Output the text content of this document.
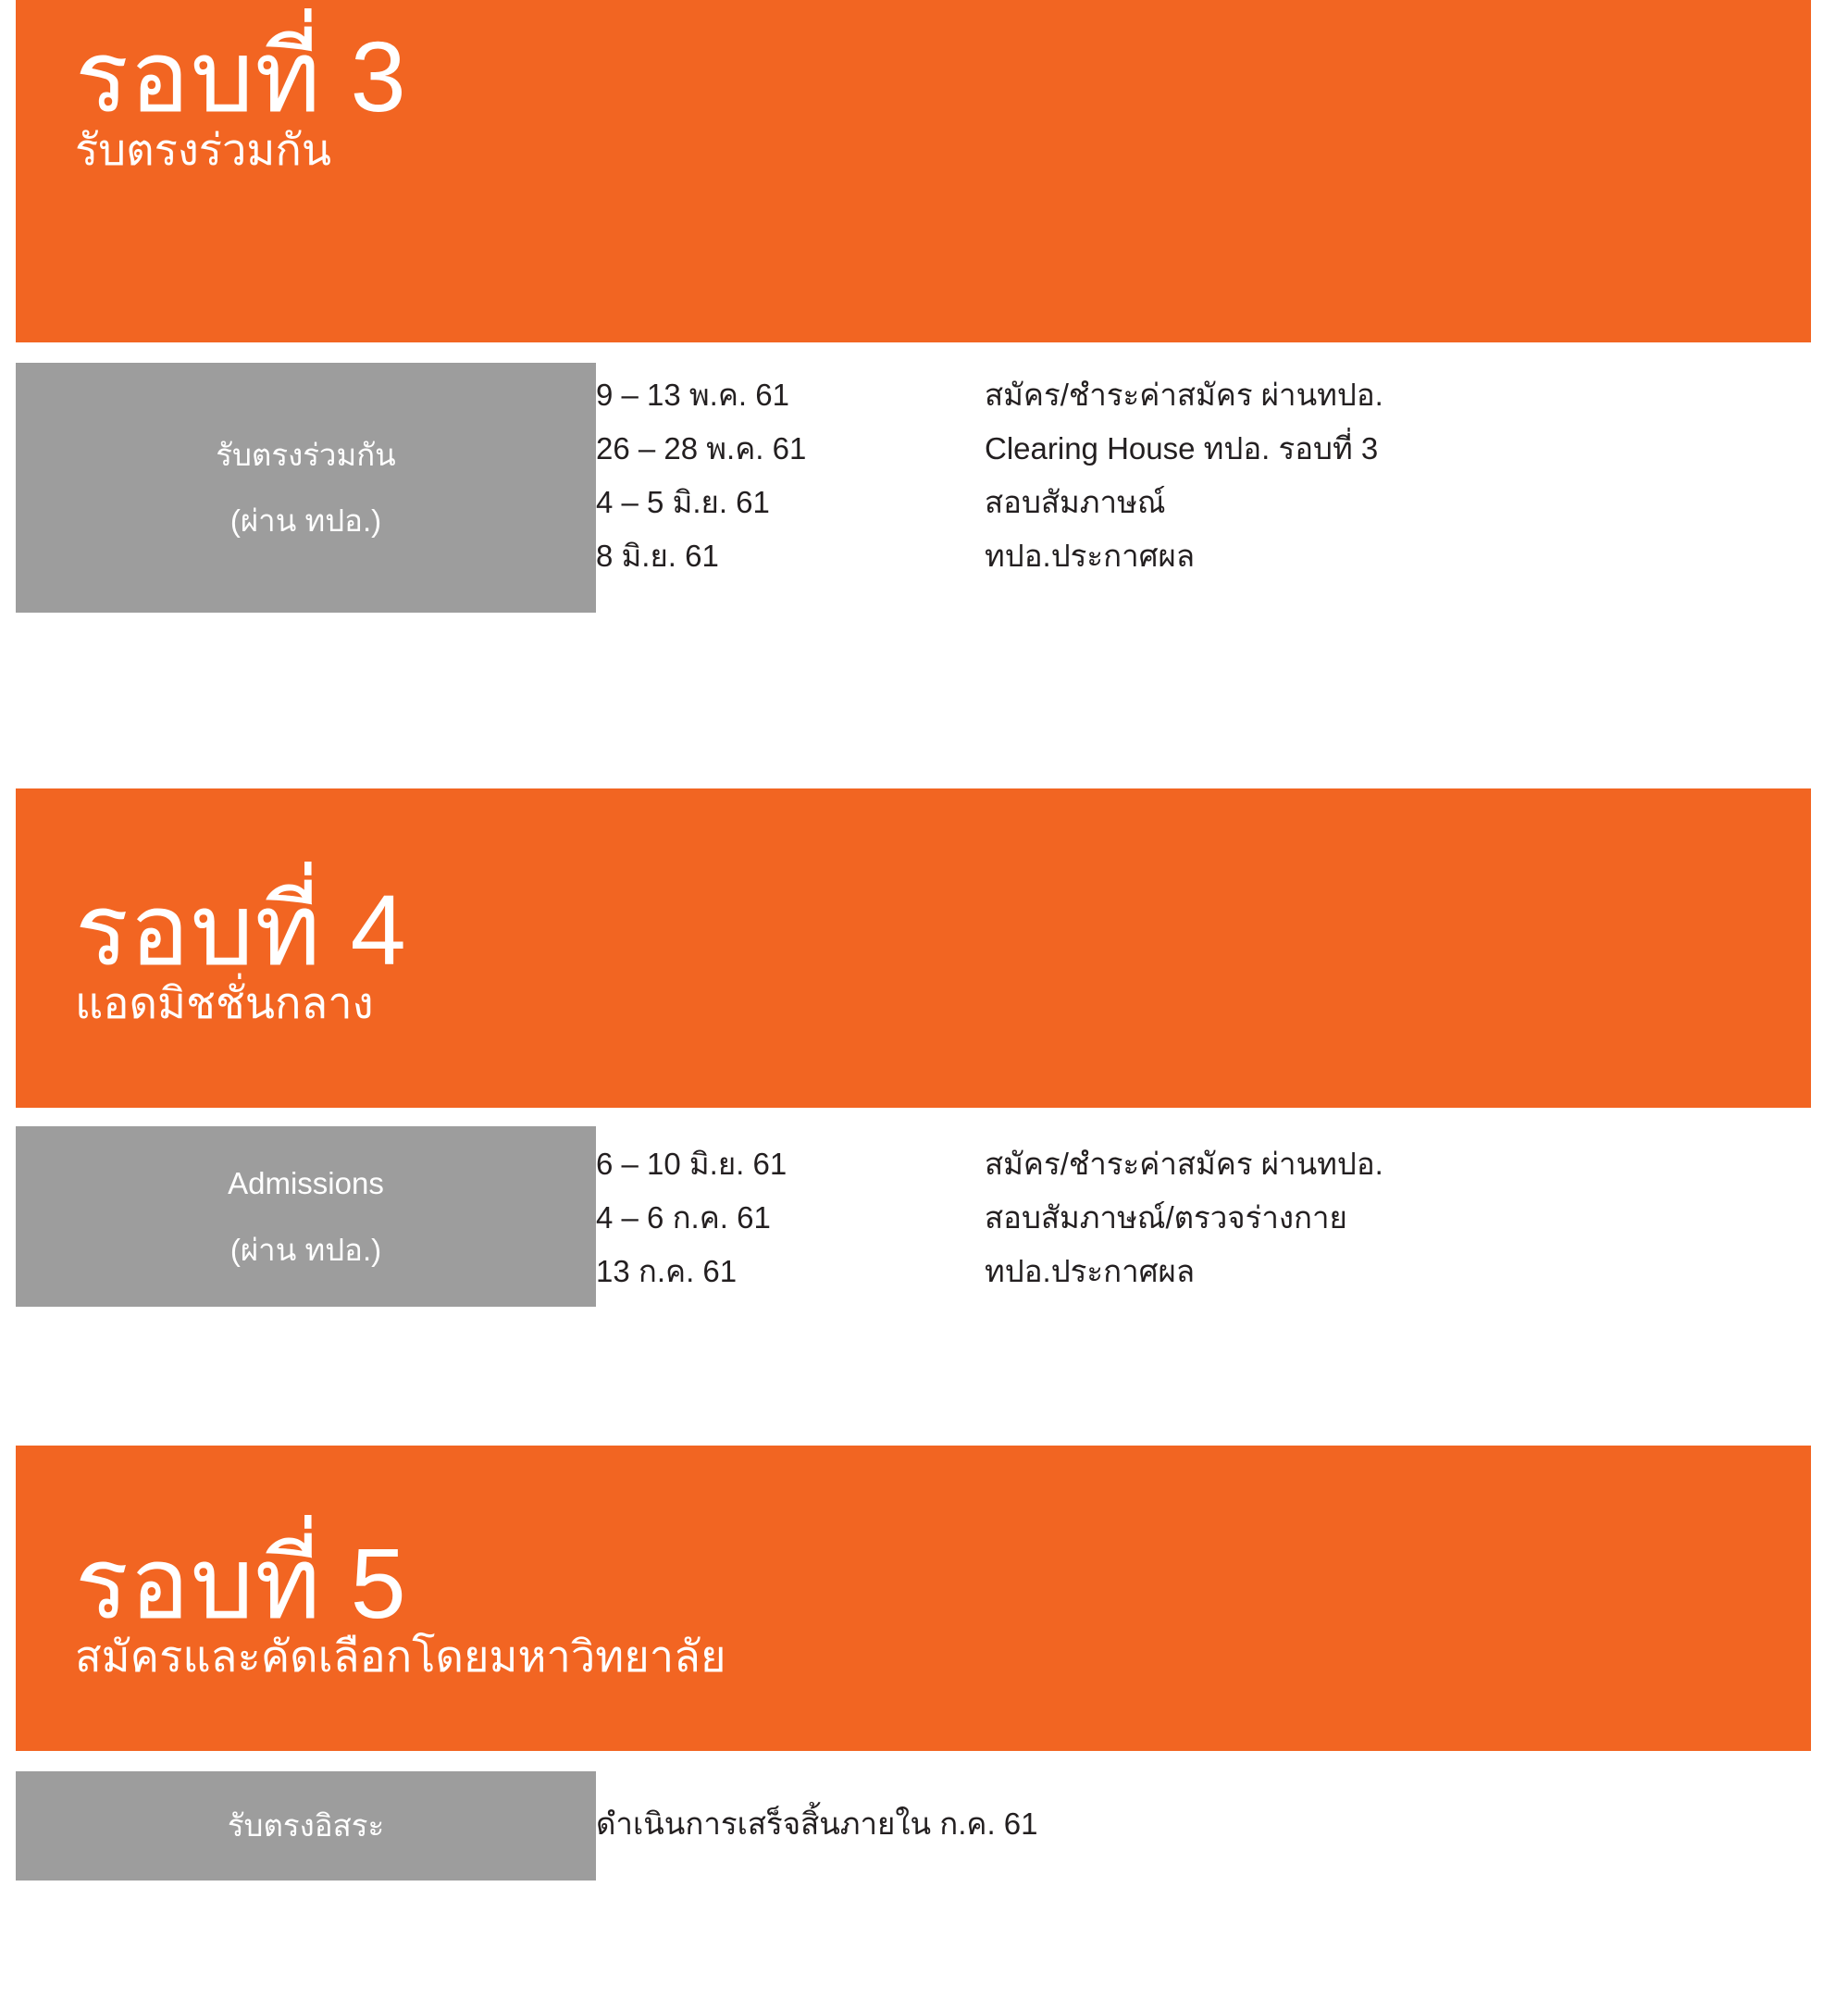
รอบที่ 3
รับตรงร่วมกัน
รับตรงร่วมกัน
(ผ่าน ทปอ.)
9 – 13 พ.ค. 61	สมัคร/ชำระค่าสมัคร ผ่านทปอ.
26 – 28 พ.ค. 61	Clearing House ทปอ. รอบที่ 3
4 – 5 มิ.ย. 61	สอบสัมภาษณ์
8 มิ.ย. 61	ทปอ.ประกาศผล
รอบที่ 4
แอดมิชชั่นกลาง
Admissions
(ผ่าน ทปอ.)
6 – 10 มิ.ย. 61	สมัคร/ชำระค่าสมัคร ผ่านทปอ.
4 – 6 ก.ค. 61	สอบสัมภาษณ์/ตรวจร่างกาย
13 ก.ค. 61	ทปอ.ประกาศผล
รอบที่ 5
สมัครและคัดเลือกโดยมหาวิทยาลัย
รับตรงอิสระ	ดำเนินการเสร็จสิ้นภายใน ก.ค. 61
